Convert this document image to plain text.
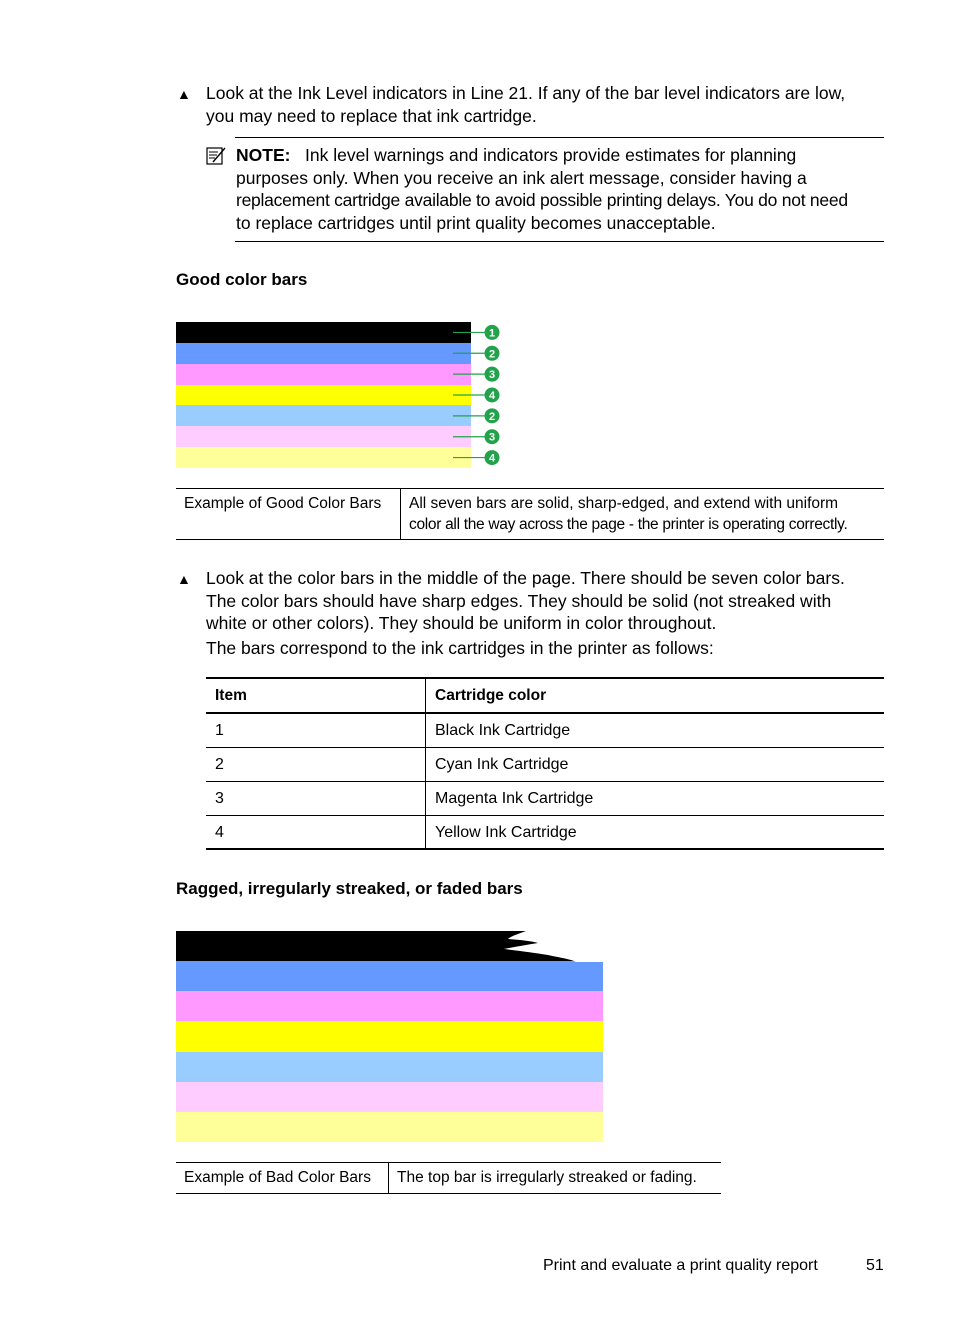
▲ Look at the Ink Level indicators in Line 21. If any of the bar level indicators are low,
you may need to replace that ink cartridge.
NOTE: Ink level warnings and indicators provide estimates for planning
purposes only. When you receive an ink alert message, consider having a
replacement cartridge available to avoid possible printing delays. You do not need
to replace cartridges until print quality becomes unacceptable.
Good color bars
1
2
3
4
2
3
4
Example of Good Color Bars	All seven bars are solid, sharp-edged, and extend with uniform
color all the way across the page - the printer is operating correctly.
▲ Look at the color bars in the middle of the page. There should be seven color bars.
The color bars should have sharp edges. They should be solid (not streaked with
white or other colors). They should be uniform in color throughout.
The bars correspond to the ink cartridges in the printer as follows:
Item	Cartridge color
1	Black Ink Cartridge
2	Cyan Ink Cartridge
3	Magenta Ink Cartridge
4	Yellow Ink Cartridge
Ragged, irregularly streaked, or faded bars
Example of Bad Color Bars	The top bar is irregularly streaked or fading.
Print and evaluate a print quality report	51
